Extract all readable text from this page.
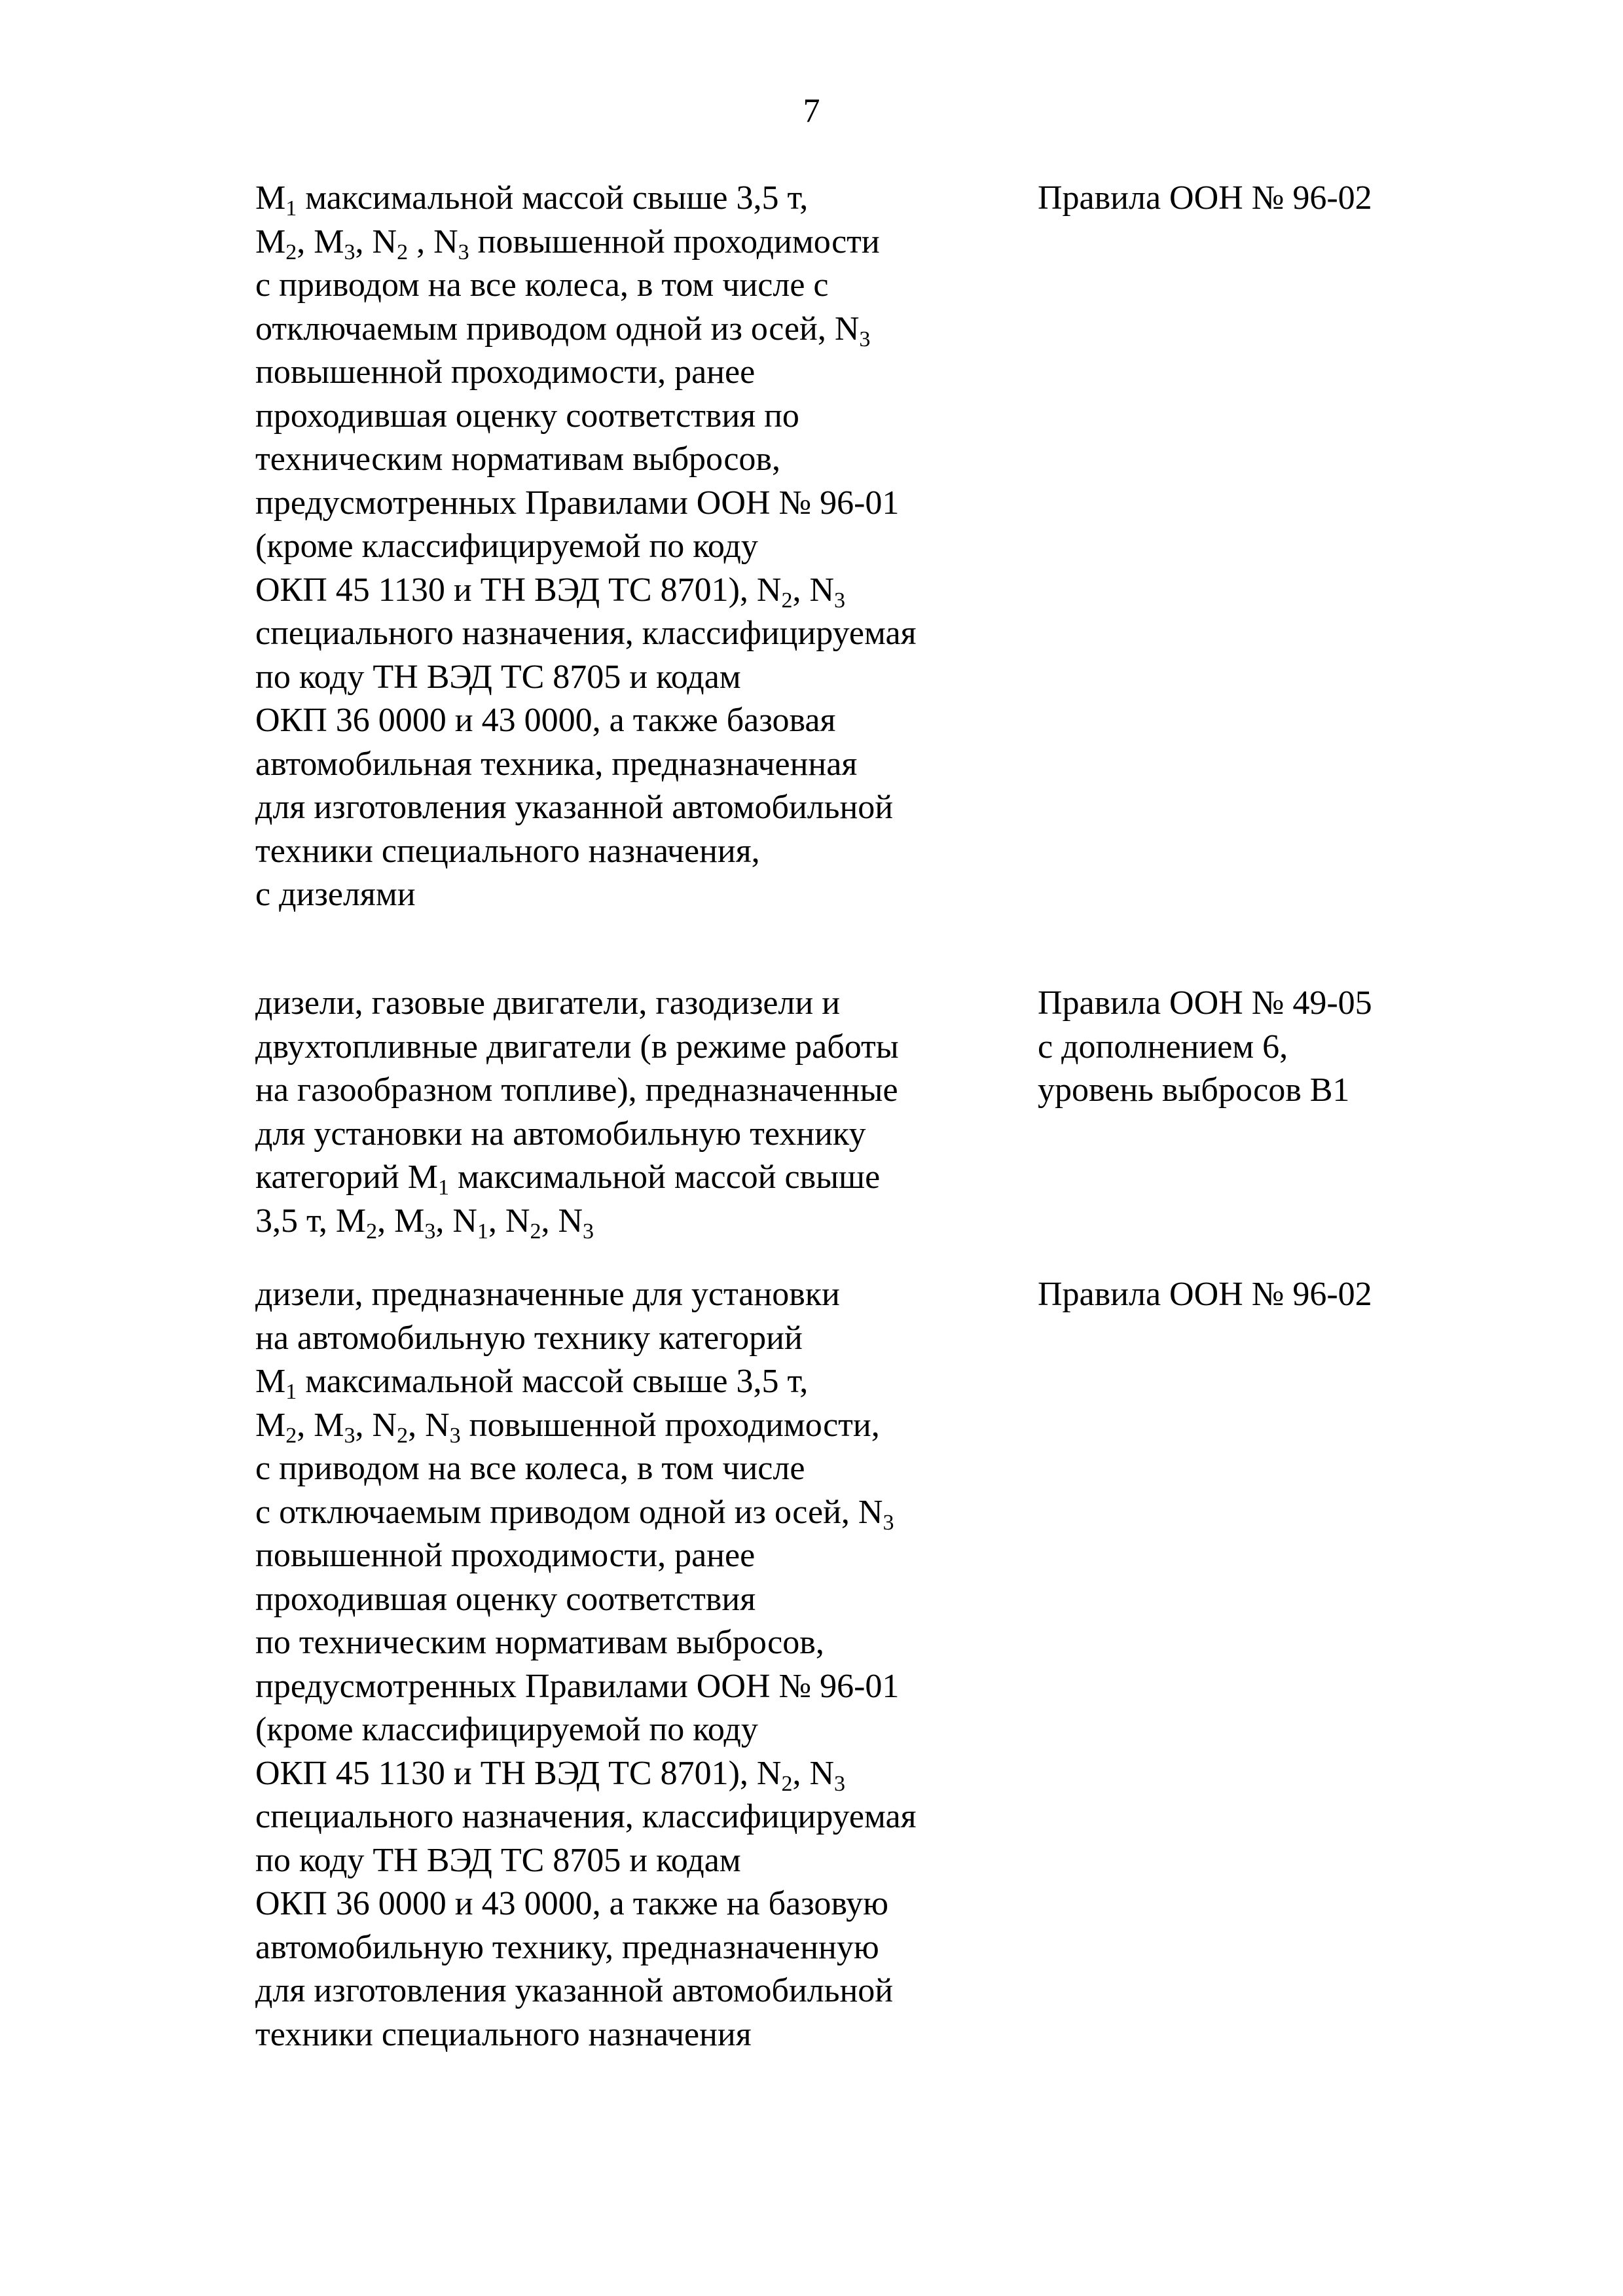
7
$M_1$ максимальной массой свыше 3,5 т,
$M_2$, $M_3$, $N_2$ , $N_3$ повышенной проходимости
с приводом на все колеса, в том числе с
отключаемым приводом одной из осей, $N_3$
повышенной проходимости, ранее
проходившая оценку соответствия по
техническим нормативам выбросов,
предусмотренных Правилами ООН № 96-01
(кроме классифицируемой по коду
ОКП 45 1130 и ТН ВЭД ТС 8701), $N_2$, $N_3$
специального назначения, классифицируемая
по коду ТН ВЭД ТС 8705 и кодам
ОКП 36 0000 и 43 0000, а также базовая
автомобильная техника, предназначенная
для изготовления указанной автомобильной
техники специального назначения,
с дизелями
Правила ООН № 96-02
дизели, газовые двигатели, газодизели и
двухтопливные двигатели (в режиме работы
на газообразном топливе), предназначенные
для установки на автомобильную технику
категорий $M_1$ максимальной массой свыше
3,5 т, $M_2$, $M_3$, $N_1$, $N_2$, $N_3$
Правила ООН № 49-05
с дополнением 6,
уровень выбросов B1
дизели, предназначенные для установки
на автомобильную технику категорий
$M_1$ максимальной массой свыше 3,5 т,
$M_2$, $M_3$, $N_2$, $N_3$ повышенной проходимости,
с приводом на все колеса, в том числе
с отключаемым приводом одной из осей, $N_3$
повышенной проходимости, ранее
проходившая оценку соответствия
по техническим нормативам выбросов,
предусмотренных Правилами ООН № 96-01
(кроме классифицируемой по коду
ОКП 45 1130 и ТН ВЭД ТС 8701), $N_2$, $N_3$
специального назначения, классифицируемая
по коду ТН ВЭД ТС 8705 и кодам
ОКП 36 0000 и 43 0000, а также на базовую
автомобильную технику, предназначенную
для изготовления указанной автомобильной
техники специального назначения
Правила ООН № 96-02
